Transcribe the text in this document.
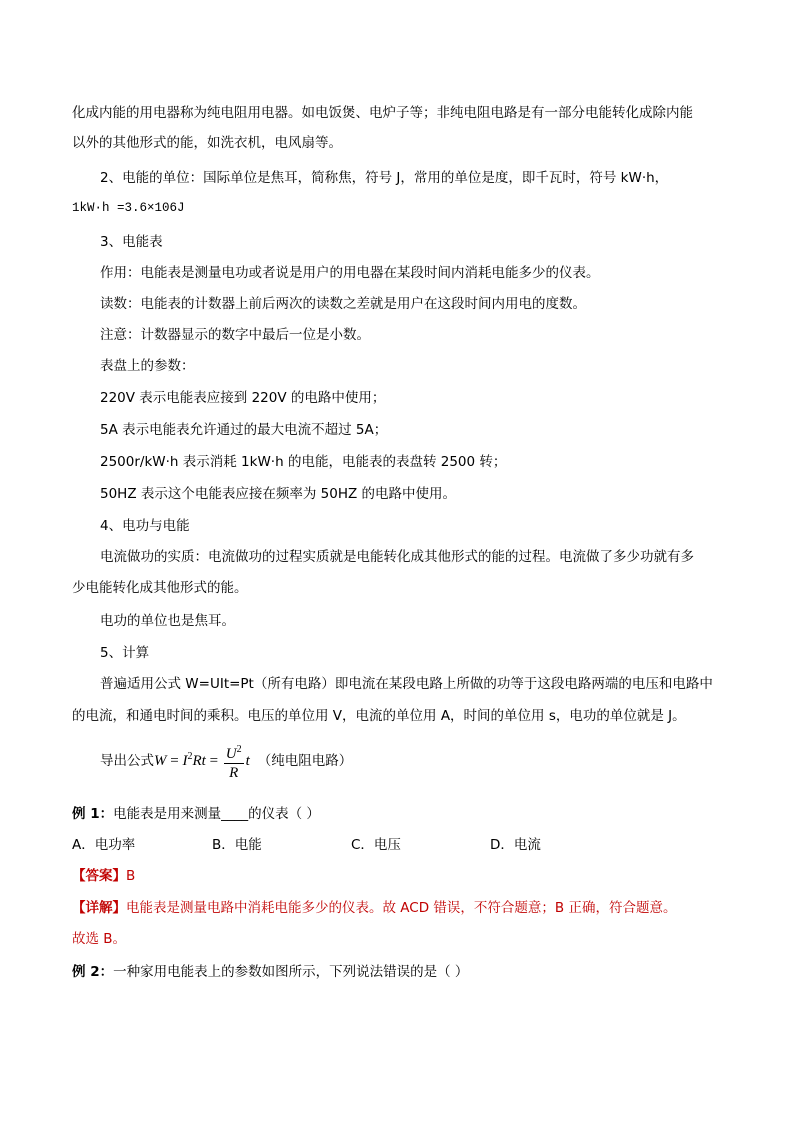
化成内能的用电器称为纯电阻用电器。如电饭煲、电炉子等；非纯电阻电路是有一部分电能转化成除内能
以外的其他形式的能，如洗衣机，电风扇等。
2、电能的单位：国际单位是焦耳，简称焦，符号 J，常用的单位是度，即千瓦时，符号 kW·h，
1kW·h =3.6×106J
3、电能表
作用：电能表是测量电功或者说是用户的用电器在某段时间内消耗电能多少的仪表。
读数：电能表的计数器上前后两次的读数之差就是用户在这段时间内用电的度数。
注意：计数器显示的数字中最后一位是小数。
表盘上的参数：
220V 表示电能表应接到 220V 的电路中使用；
5A 表示电能表允许通过的最大电流不超过 5A；
2500r/kW·h 表示消耗 1kW·h 的电能，电能表的表盘转 2500 转；
50HZ 表示这个电能表应接在频率为 50HZ 的电路中使用。
4、电功与电能
电流做功的实质：电流做功的过程实质就是电能转化成其他形式的能的过程。电流做了多少功就有多
少电能转化成其他形式的能。
电功的单位也是焦耳。
5、计算
普遍适用公式 W=UIt=Pt（所有电路）即电流在某段电路上所做的功等于这段电路两端的电压和电路中
的电流，和通电时间的乘积。电压的单位用 V，电流的单位用 A，时间的单位用 s，电功的单位就是 J。
导出公式$W = I^2Rt = \frac{U^2}{R}$ t （纯电阻电路）
例 1：电能表是用来测量____的仪表（ ）
A．电功率	B．电能	C．电压	D．电流
【答案】B
【详解】电能表是测量电路中消耗电能多少的仪表。故 ACD 错误，不符合题意；B 正确，符合题意。
故选 B。
例 2：一种家用电能表上的参数如图所示，下列说法错误的是（ ）
